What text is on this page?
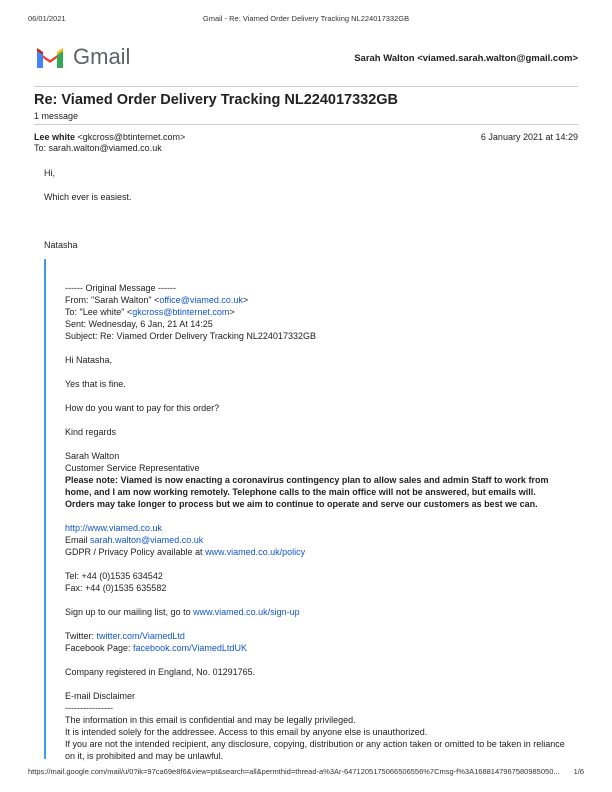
06/01/2021	Gmail - Re: Viamed Order Delivery Tracking NL224017332GB
Gmail	Sarah Walton <viamed.sarah.walton@gmail.com>
Re: Viamed Order Delivery Tracking NL224017332GB
1 message
Lee white <gkcross@btinternet.com>	6 January 2021 at 14:29
To: sarah.walton@viamed.co.uk

Hi,

Which ever is easiest.

Natasha

------ Original Message ------

From: "Sarah Walton" <office@viamed.co.uk>

To: "Lee white" <gkcross@btinternet.com>

Sent: Wednesday, 6 Jan, 21 At 14:25

Subject: Re: Viamed Order Delivery Tracking NL224017332GB

Hi Natasha,

Yes that is fine.

How do you want to pay for this order?

Kind regards

Sarah Walton

Customer Service Representative

Please note: Viamed is now enacting a coronavirus contingency plan to allow sales and admin Staff to work from home, and I am now working remotely. Telephone calls to the main office will not be answered, but emails will. Orders may take longer to process but we aim to continue to operate and serve our customers as best we can.

http://www.viamed.co.uk

Email sarah.walton@viamed.co.uk

GDPR / Privacy Policy available at www.viamed.co.uk/policy

Tel: +44 (0)1535 634542

Fax: +44 (0)1535 635582

Sign up to our mailing list, go to www.viamed.co.uk/sign-up

Twitter: twitter.com/ViamedLtd

Facebook Page: facebook.com/ViamedLtdUK

Company registered in England, No. 01291765.

E-mail Disclaimer

----------------

The information in this email is confidential and may be legally privileged.

It is intended solely for the addressee. Access to this email by anyone else is unauthorized.

If you are not the intended recipient, any disclosure, copying, distribution or any action taken or omitted to be taken in reliance on it, is prohibited and may be unlawful.

https://mail.google.com/mail/u/0?ik=97ca69e8f6&view=pt&search=all&permthid=thread-a%3Ar-6471205175066506556%7Cmsg-f%3A1688147967580985050...	1/6
